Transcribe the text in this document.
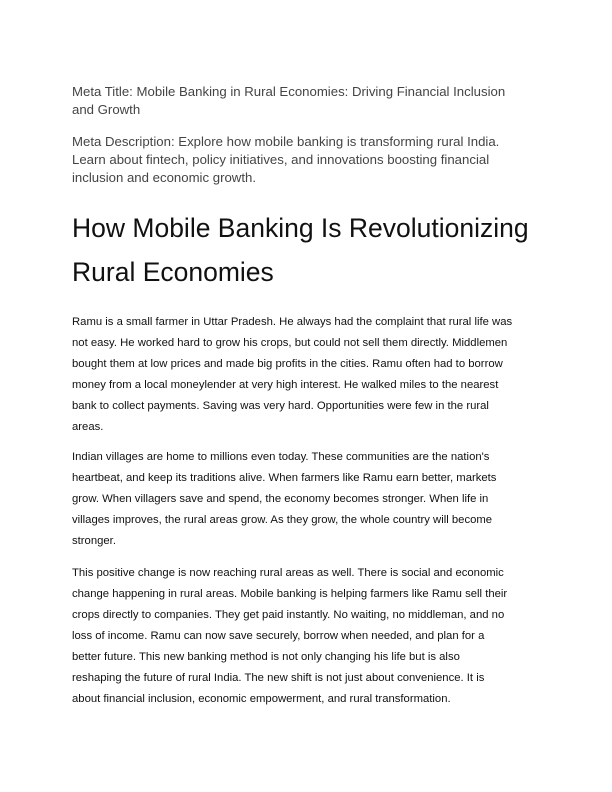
Meta Title: Mobile Banking in Rural Economies: Driving Financial Inclusion
and Growth
Meta Description: Explore how mobile banking is transforming rural India.
Learn about fintech, policy initiatives, and innovations boosting financial
inclusion and economic growth.
How Mobile Banking Is Revolutionizing
Rural Economies
Ramu is a small farmer in Uttar Pradesh. He always had the complaint that rural life was
not easy. He worked hard to grow his crops, but could not sell them directly. Middlemen
bought them at low prices and made big profits in the cities. Ramu often had to borrow
money from a local moneylender at very high interest. He walked miles to the nearest
bank to collect payments. Saving was very hard. Opportunities were few in the rural
areas.
Indian villages are home to millions even today. These communities are the nation's
heartbeat, and keep its traditions alive. When farmers like Ramu earn better, markets
grow. When villagers save and spend, the economy becomes stronger. When life in
villages improves, the rural areas grow. As they grow, the whole country will become
stronger.
This positive change is now reaching rural areas as well. There is social and economic
change happening in rural areas. Mobile banking is helping farmers like Ramu sell their
crops directly to companies. They get paid instantly. No waiting, no middleman, and no
loss of income. Ramu can now save securely, borrow when needed, and plan for a
better future. This new banking method is not only changing his life but is also
reshaping the future of rural India. The new shift is not just about convenience. It is
about financial inclusion, economic empowerment, and rural transformation.
